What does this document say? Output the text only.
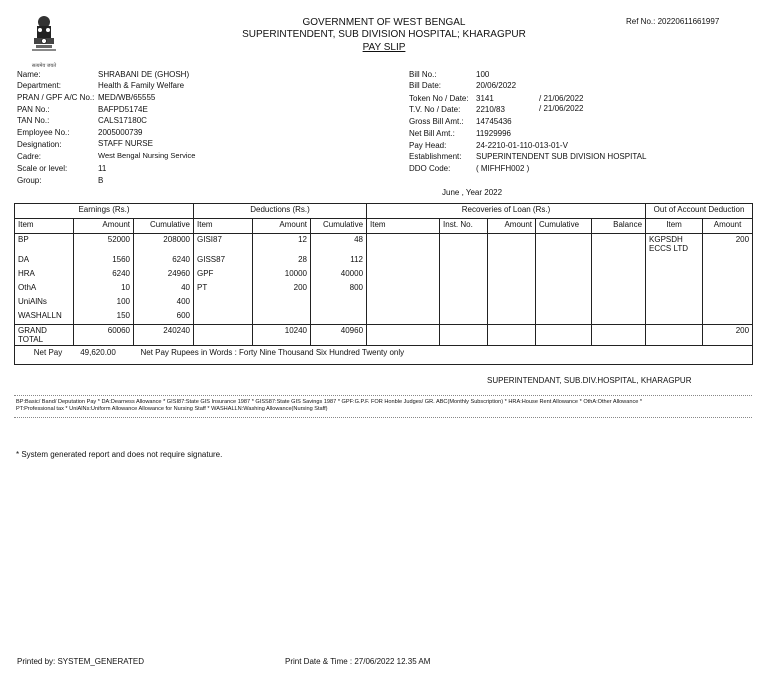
सत्यमेव जयते
GOVERNMENT OF WEST BENGAL
SUPERINTENDENT, SUB DIVISION HOSPITAL; KHARAGPUR
PAY SLIP
Ref No.: 20220611661997
Name:	SHRABANI DE (GHOSH)
Department:	Health & Family Welfare
PRAN / GPF A/C No.: MED/WB/65555
PAN No.:	BAFPD5174E
TAN No.:	CALS17180C
Employee No.:	2005000739
Designation:	STAFF NURSE
Cadre:	West Bengal Nursing Service
Scale or level:	11
Group:	B
Bill No.:	100
Bill Date:	20/06/2022
Token No / Date: 3141	/ 21/06/2022
T.V. No / Date: 2210/83	/ 21/06/2022
Gross Bill Amt.: 14745436
Net Bill Amt.:	11929996
Pay Head:	24-2210-01-110-013-01-V
Establishment: SUPERINTENDENT SUB DIVISION HOSPITAL
DDO Code:	( MIFHFH002 )
June , Year 2022
Earnings (Rs.)			Deductions (Rs.)			Recoveries of Loan (Rs.)					Out of Account Deduction	
Item	Amount	Cumulative	Item	Amount	Cumulative	Item	Inst. No.	Amount	Cumulative	Balance	Item	Amount
BP	52000	208000	GISI87	12	48						KGPSDH ECCS LTD	200
DA	1560	6240	GISS87	28	112							
HRA	6240	24960	GPF	10000	40000							
OthA	10	40	PT	200	800							
UniAlNs	100	400										
WASHALLN	150	600										
GRAND TOTAL	60060	240240		10240	40960							200
Net Pay 49,620.00 Net Pay Rupees in Words : Forty Nine Thousand Six Hundred Twenty only												
SUPERINTENDANT, SUB.DIV.HOSPITAL, KHARAGPUR
BP:Basic/ Band/ Deputation Pay * DA:Dearness Allowance * GISI87:State GIS Insurance 1987 * GISS87:State GIS Savings 1987 * GPF:G.P.F. FOR Honble Judges/ GR. ABC(Monthly Subscription) * HRA:House Rent Allowance * OthA:Other Allowance *
PT:Professional tax * UniAlNs:Uniform Allowance Allowance for Nursing Staff * WASHALLN:Washing Allowance(Nursing Staff)
* System generated report and does not require signature.
Printed by: SYSTEM_GENERATED	Print Date & Time : 27/06/2022 12.35 AM
